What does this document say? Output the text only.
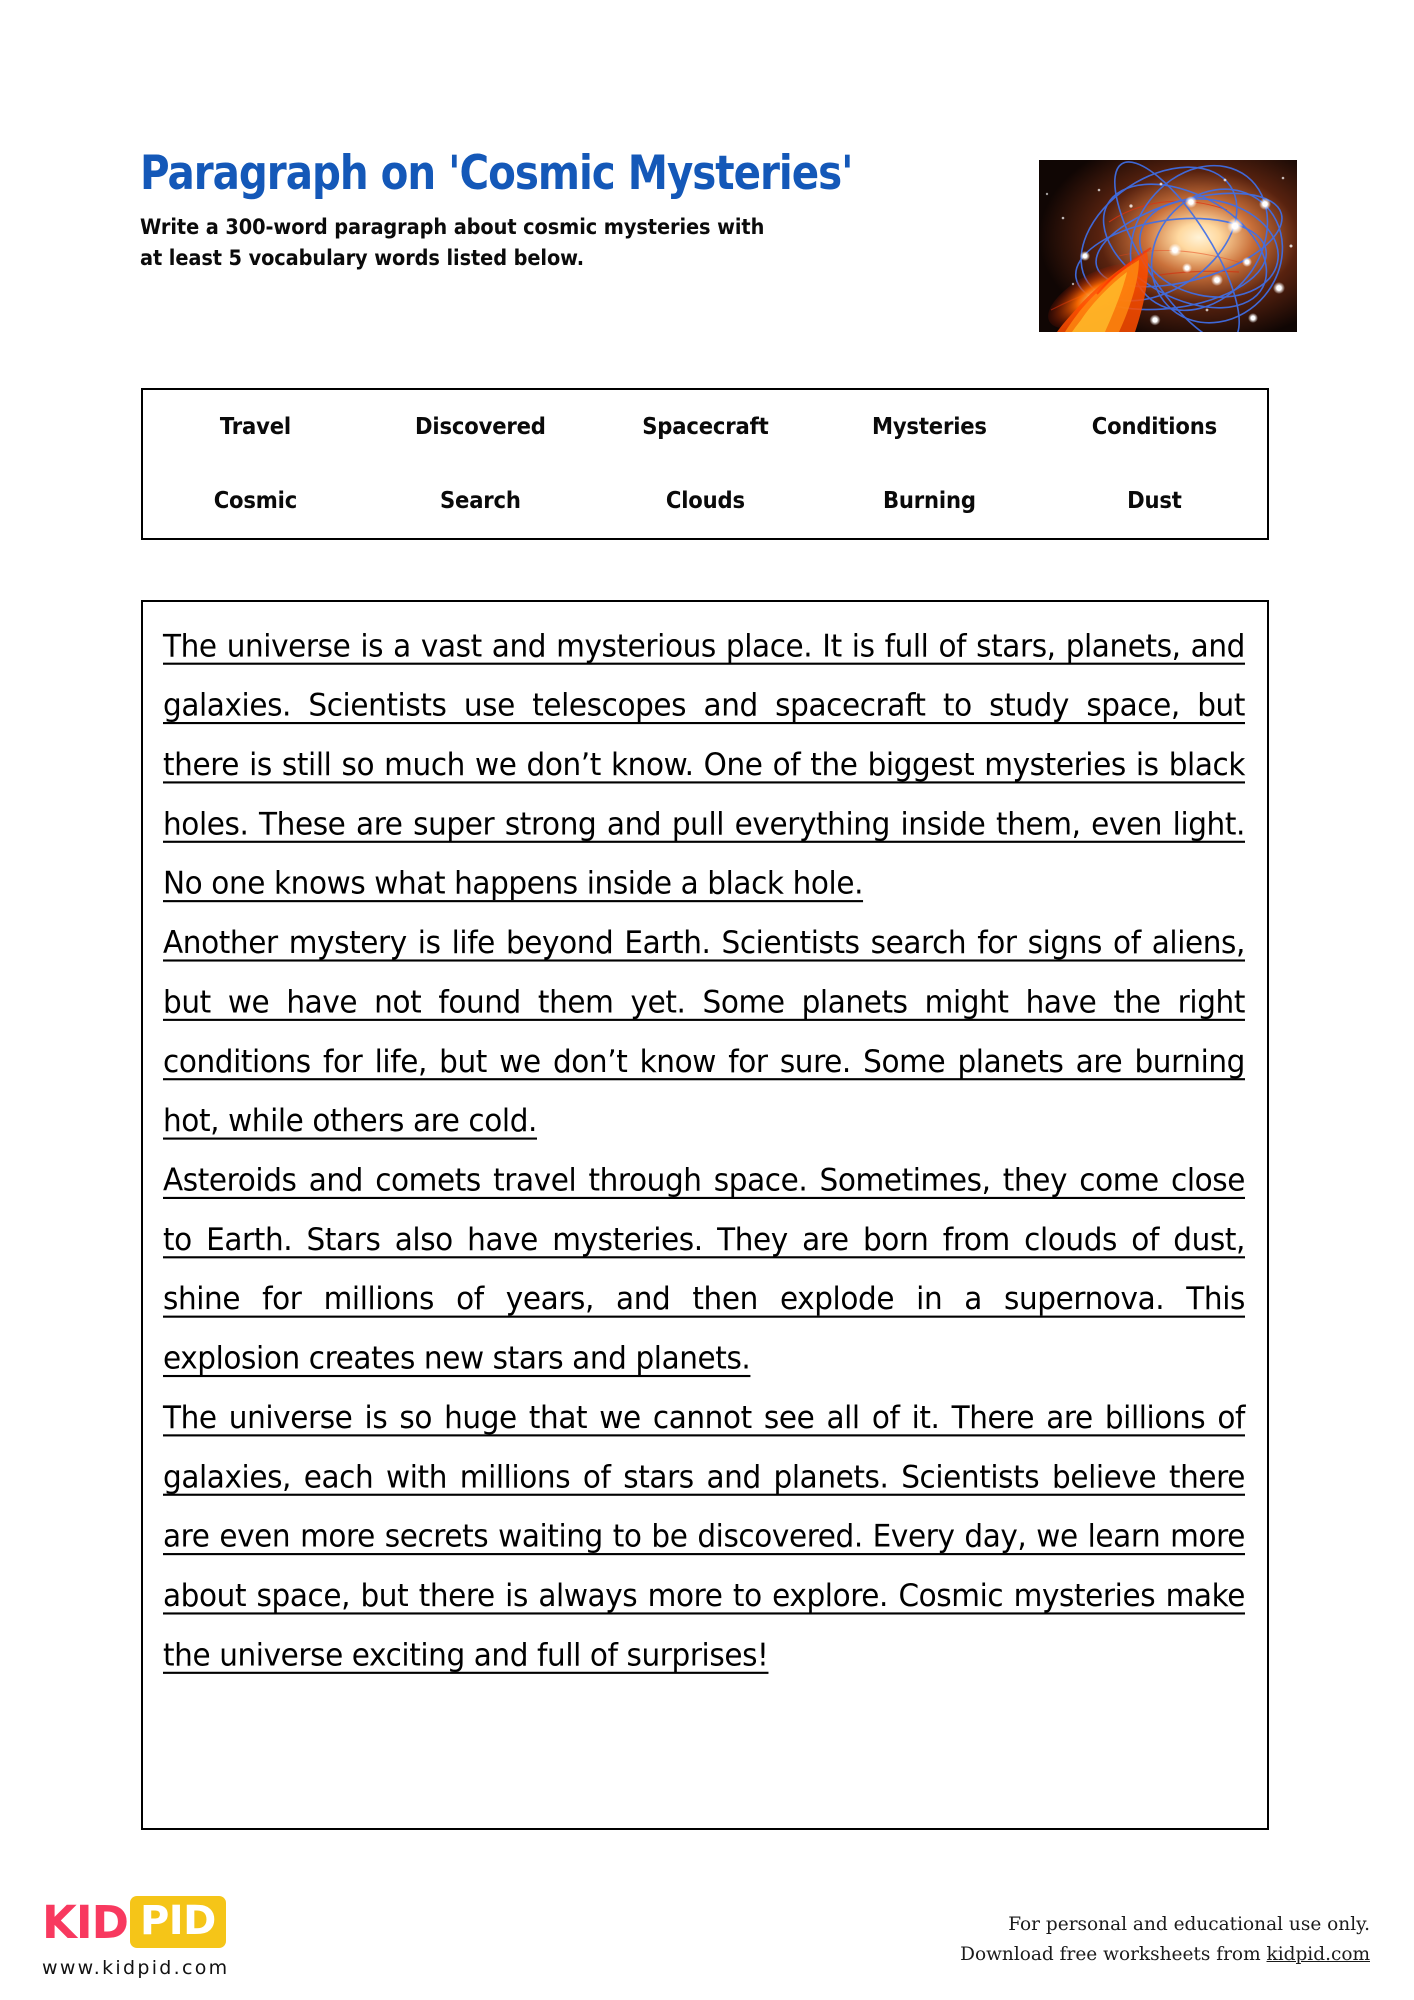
Paragraph on 'Cosmic Mysteries'
Write a 300-word paragraph about cosmic mysteries with
at least 5 vocabulary words listed below.
Travel	Discovered	Spacecraft	Mysteries	Conditions
Cosmic	Search	Clouds	Burning	Dust

The universe is a vast and mysterious place. It is full of stars, planets, and galaxies. Scientists use telescopes and spacecraft to study space, but there is still so much we don’t know. One of the biggest mysteries is black holes. These are super strong and pull everything inside them, even light. No one knows what happens inside a black hole.

Another mystery is life beyond Earth. Scientists search for signs of aliens, but we have not found them yet. Some planets might have the right conditions for life, but we don’t know for sure. Some planets are burning hot, while others are cold.

Asteroids and comets travel through space. Sometimes, they come close to Earth. Stars also have mysteries. They are born from clouds of dust, shine for millions of years, and then explode in a supernova. This explosion creates new stars and planets.

The universe is so huge that we cannot see all of it. There are billions of galaxies, each with millions of stars and planets. Scientists believe there are even more secrets waiting to be discovered. Every day, we learn more about space, but there is always more to explore. Cosmic mysteries make the universe exciting and full of surprises!

KID PID
www.kidpid.com
For personal and educational use only.
Download free worksheets from kidpid.com
